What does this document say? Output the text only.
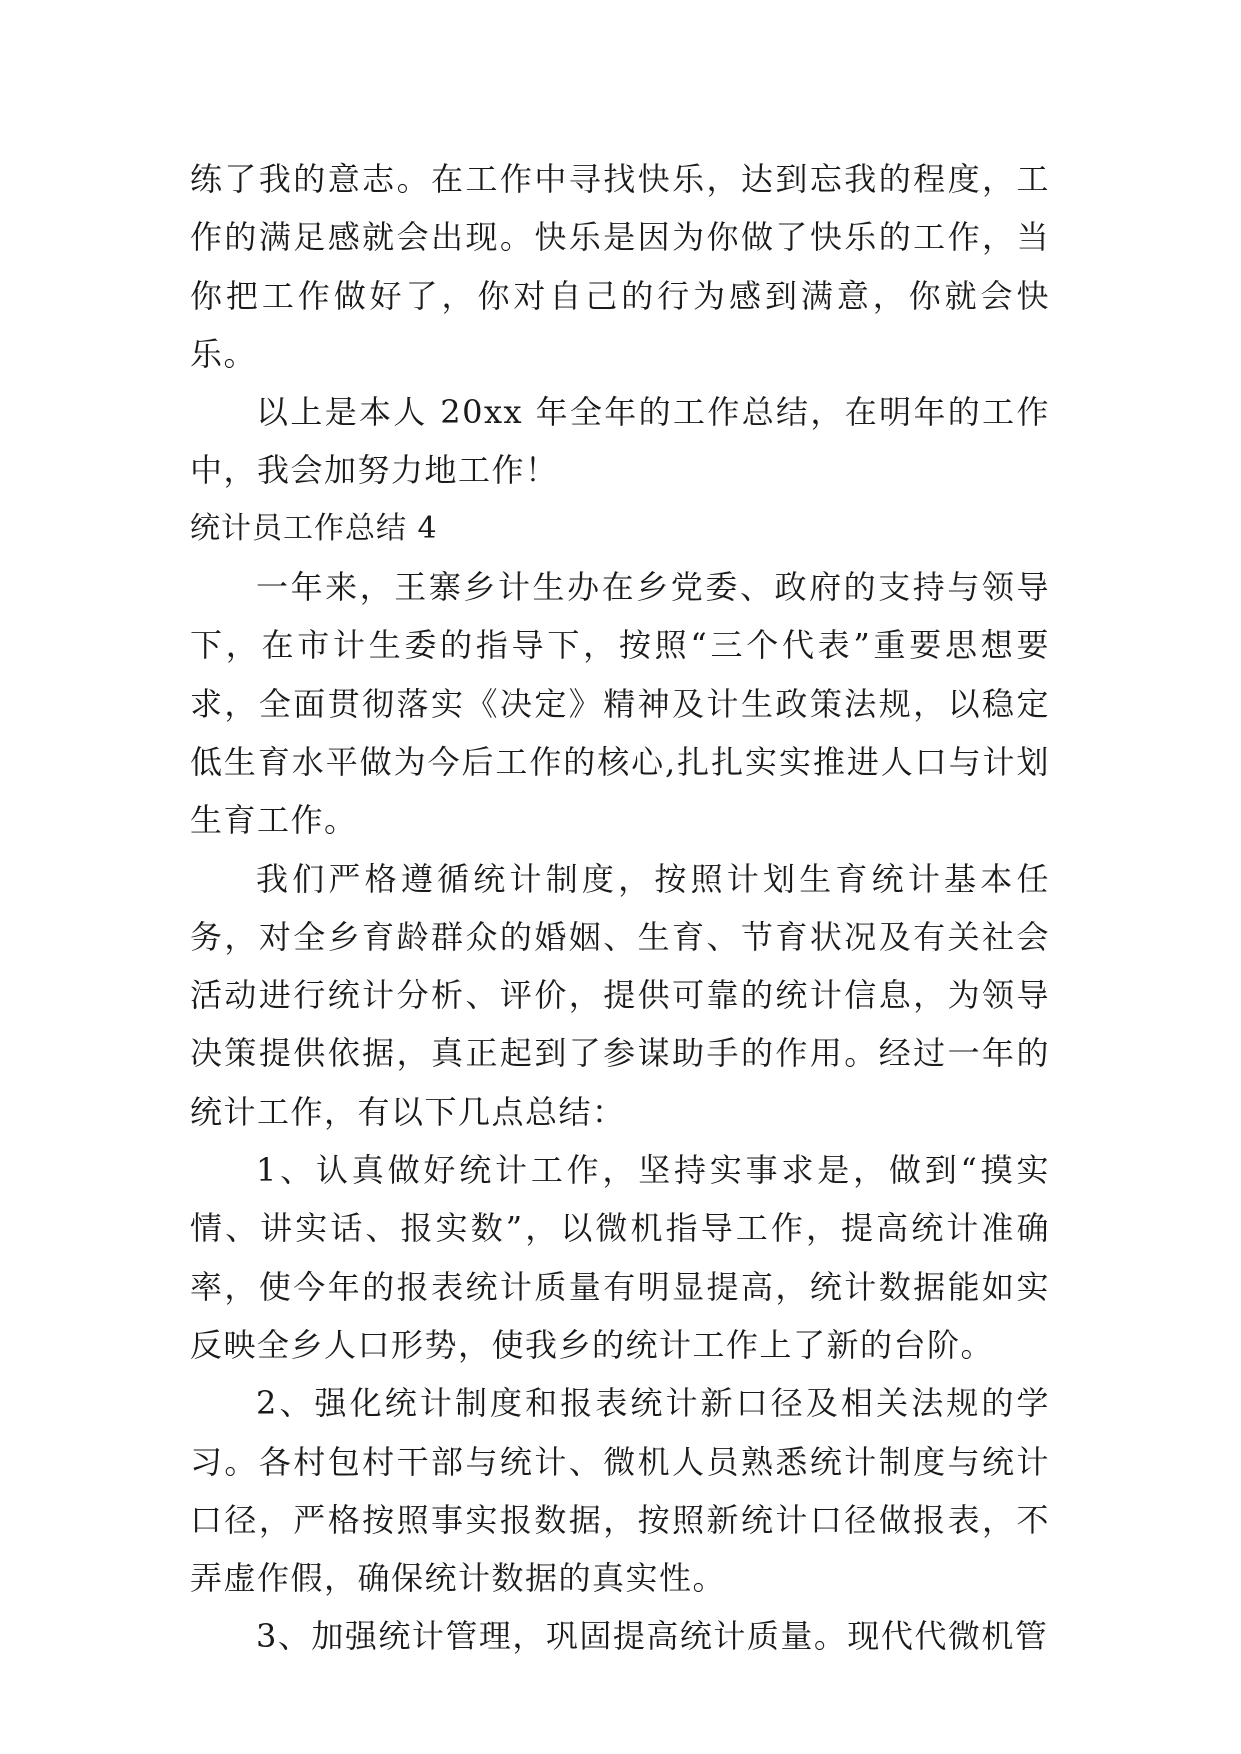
练了我的意志。在工作中寻找快乐，达到忘我的程度，工作的满足感就会出现。快乐是因为你做了快乐的工作，当你把工作做好了，你对自己的行为感到满意，你就会快乐。

以上是本人 20xx 年全年的工作总结，在明年的工作中，我会加努力地工作！

统计员工作总结 4

一年来，王寨乡计生办在乡党委、政府的支持与领导下，在市计生委的指导下，按照“三个代表”重要思想要求，全面贯彻落实《决定》精神及计生政策法规，以稳定低生育水平做为今后工作的核心,扎扎实实推进人口与计划生育工作。

我们严格遵循统计制度，按照计划生育统计基本任务，对全乡育龄群众的婚姻、生育、节育状况及有关社会活动进行统计分析、评价，提供可靠的统计信息，为领导决策提供依据，真正起到了参谋助手的作用。经过一年的统计工作，有以下几点总结：

1、认真做好统计工作，坚持实事求是，做到“摸实情、讲实话、报实数”，以微机指导工作，提高统计准确率，使今年的报表统计质量有明显提高，统计数据能如实反映全乡人口形势，使我乡的统计工作上了新的台阶。

2、强化统计制度和报表统计新口径及相关法规的学习。各村包村干部与统计、微机人员熟悉统计制度与统计口径，严格按照事实报数据，按照新统计口径做报表，不弄虚作假，确保统计数据的真实性。

3、加强统计管理，巩固提高统计质量。现代代微机管
